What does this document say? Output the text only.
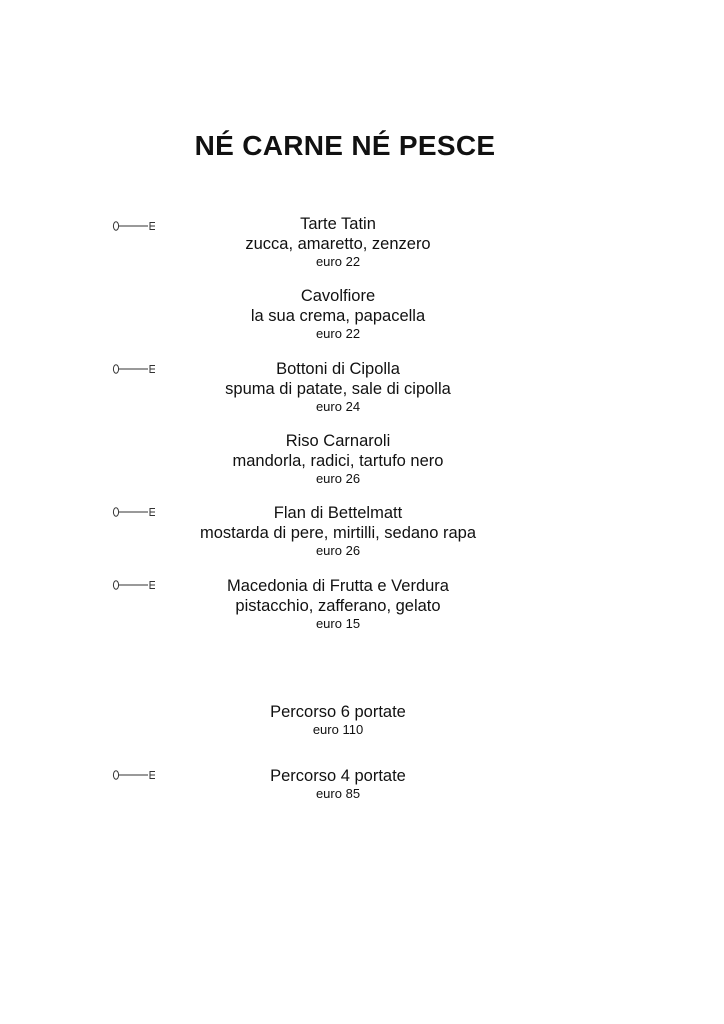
NÉ CARNE NÉ PESCE
Tarte Tatin
zucca, amaretto, zenzero
euro 22
Cavolfiore
la sua crema, papacella
euro 22
Bottoni di Cipolla
spuma di patate, sale di cipolla
euro 24
Riso Carnaroli
mandorla, radici, tartufo nero
euro 26
Flan di Bettelmatt
mostarda di pere, mirtilli, sedano rapa
euro 26
Macedonia di Frutta e Verdura
pistacchio, zafferano, gelato
euro 15
Percorso 6 portate
euro 110
Percorso 4 portate
euro 85
